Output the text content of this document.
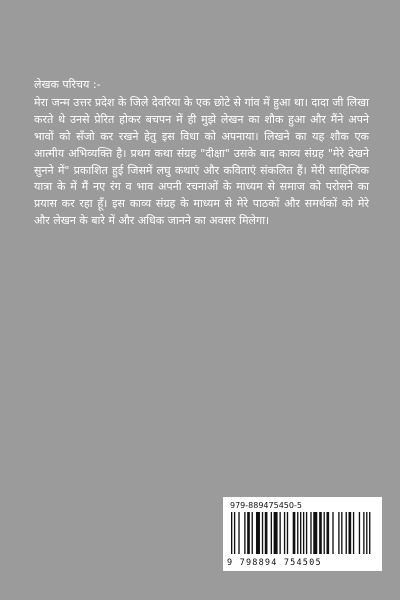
लेखक परिचय :-

मेरा जन्म उत्तर प्रदेश के जिले देवरिया के एक छोटे से गांव में हुआ था। दादा जी लिखा करते थे उनसे प्रेरित होकर बचपन में ही मुझे लेखन का शौक हुआ और मैंने अपने भावों को सँजो कर रखने हेतु इस विधा को अपनाया। लिखने का यह शौक एक आत्मीय अभिव्यक्ति है। प्रथम कथा संग्रह "दीक्षा" उसके बाद काव्य संग्रह "मेरे देखने सुनने में" प्रकाशित हुई जिसमें लघु कथाएं और कविताएं संकलित हैं। मेरी साहित्यिक यात्रा के में मैं नए रंग व भाव अपनी रचनाओं के माध्यम से समाज को परोसने का प्रयास कर रहा हूँ। इस काव्य संग्रह के माध्यम से मेरे पाठकों और समर्थकों को मेरे और लेखन के बारे में और अधिक जानने का अवसर मिलेगा।

979-889475450-5
9 798894 754505
